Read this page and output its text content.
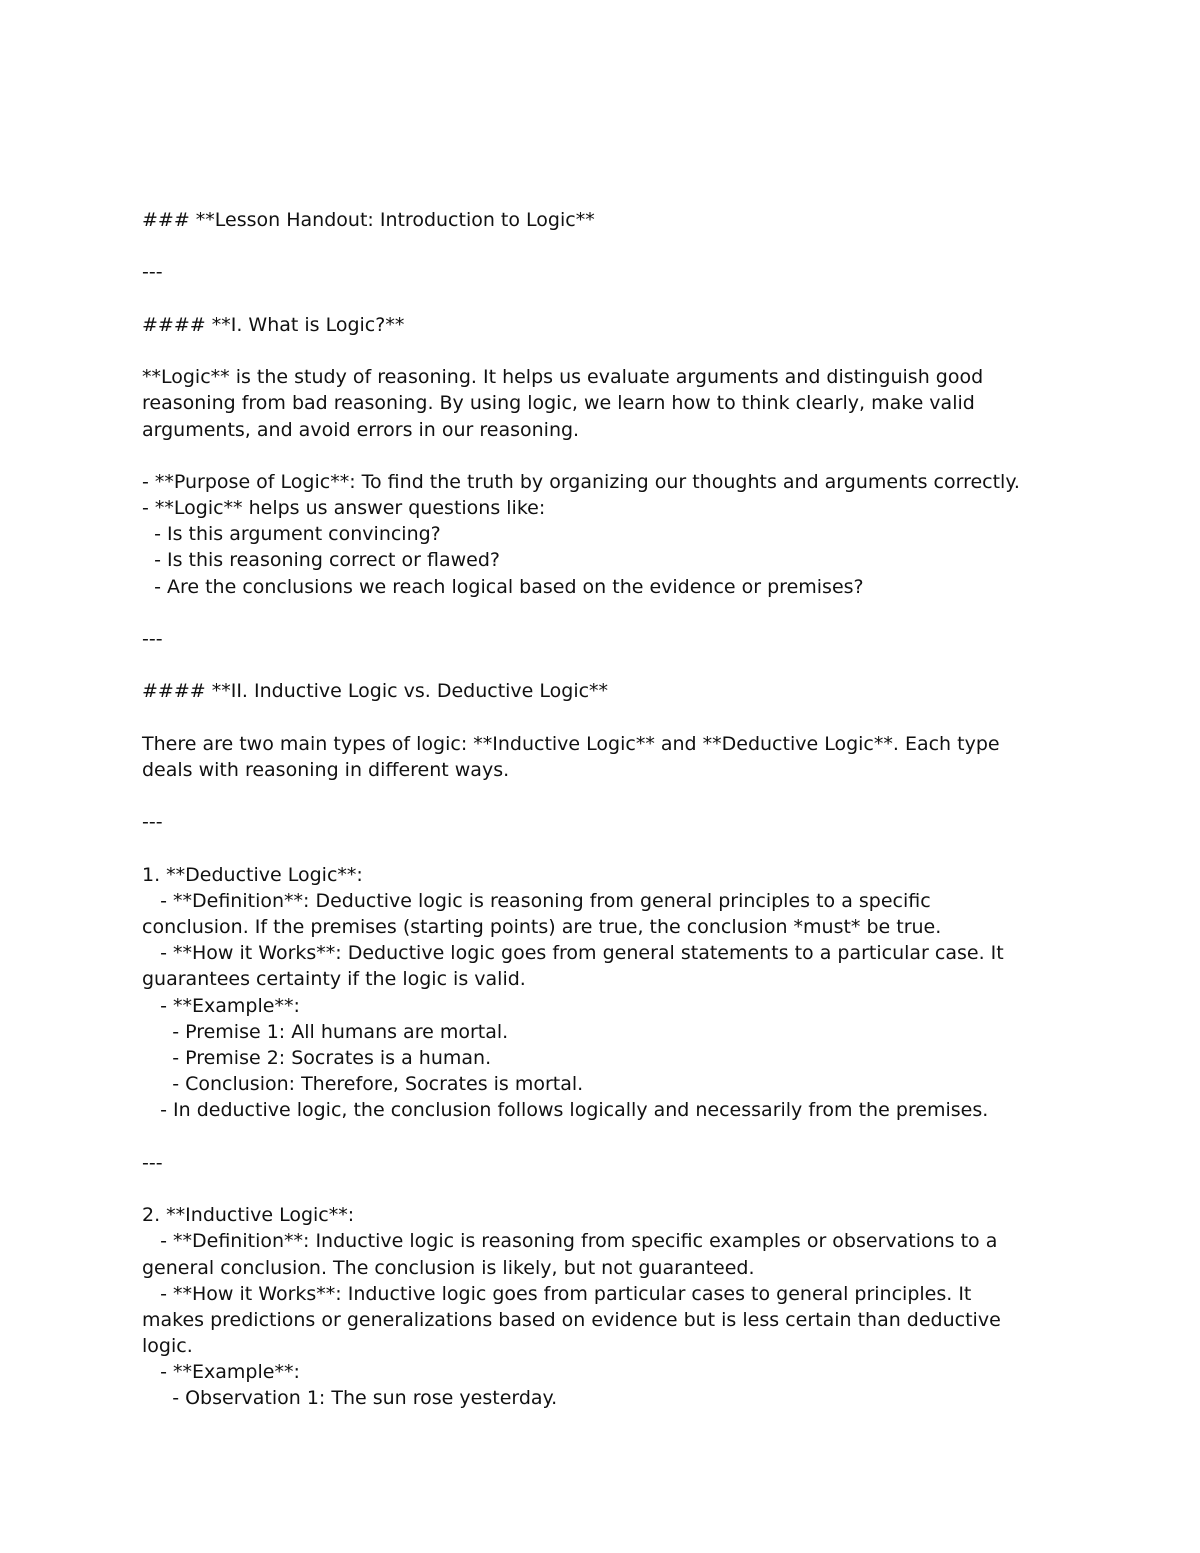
### **Lesson Handout: Introduction to Logic**
---
#### **I. What is Logic?**
**Logic** is the study of reasoning. It helps us evaluate arguments and distinguish good
reasoning from bad reasoning. By using logic, we learn how to think clearly, make valid
arguments, and avoid errors in our reasoning.
- **Purpose of Logic**: To find the truth by organizing our thoughts and arguments correctly.
- **Logic** helps us answer questions like:
- Is this argument convincing?
- Is this reasoning correct or flawed?
- Are the conclusions we reach logical based on the evidence or premises?
---
#### **II. Inductive Logic vs. Deductive Logic**
There are two main types of logic: **Inductive Logic** and **Deductive Logic**. Each type
deals with reasoning in different ways.
---
1. **Deductive Logic**:
- **Definition**: Deductive logic is reasoning from general principles to a specific
conclusion. If the premises (starting points) are true, the conclusion *must* be true.
- **How it Works**: Deductive logic goes from general statements to a particular case. It
guarantees certainty if the logic is valid.
- **Example**:
- Premise 1: All humans are mortal.
- Premise 2: Socrates is a human.
- Conclusion: Therefore, Socrates is mortal.
- In deductive logic, the conclusion follows logically and necessarily from the premises.
---
2. **Inductive Logic**:
- **Definition**: Inductive logic is reasoning from specific examples or observations to a
general conclusion. The conclusion is likely, but not guaranteed.
- **How it Works**: Inductive logic goes from particular cases to general principles. It
makes predictions or generalizations based on evidence but is less certain than deductive
logic.
- **Example**:
- Observation 1: The sun rose yesterday.
